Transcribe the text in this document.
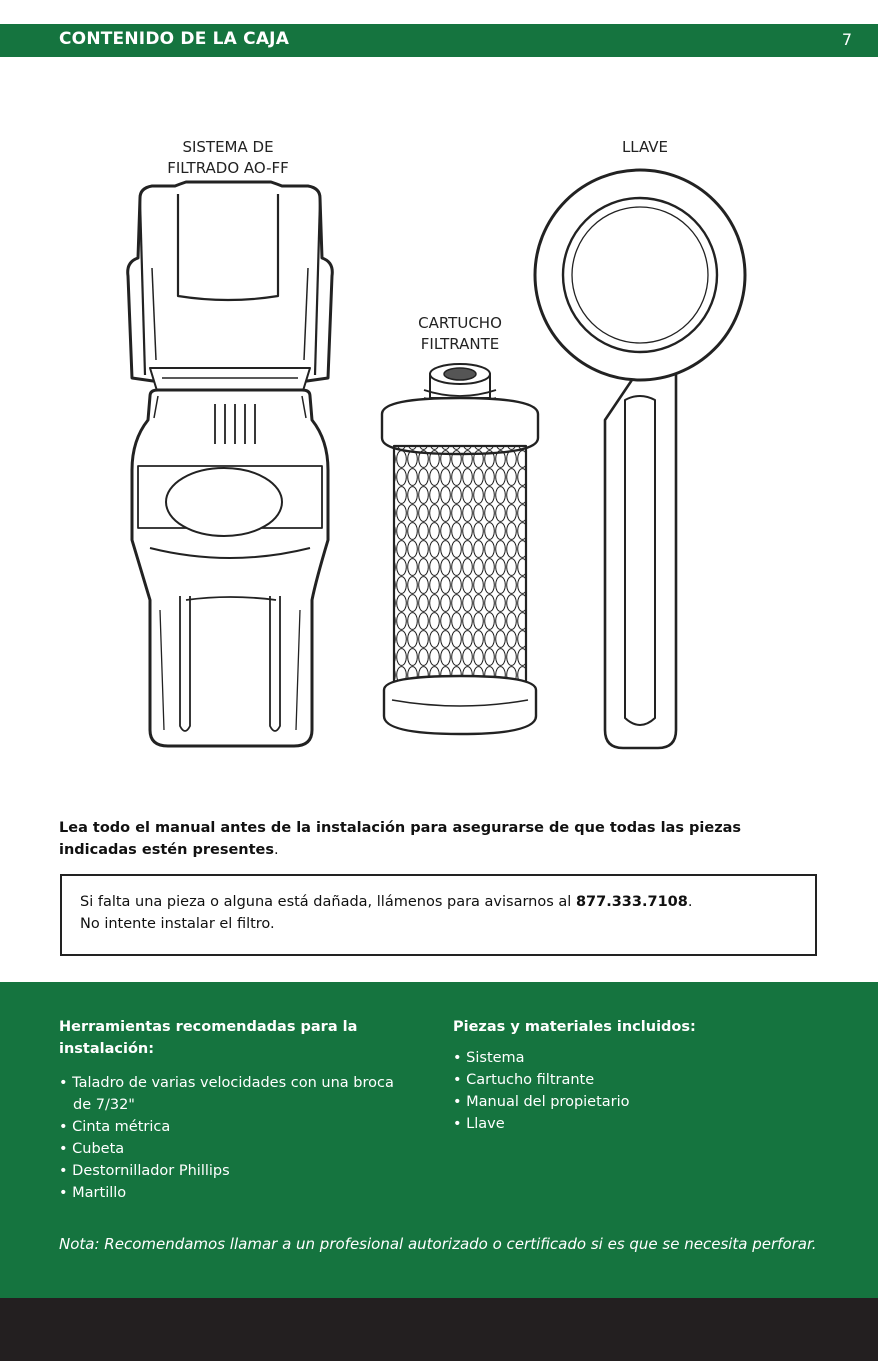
CONTENIDO DE LA CAJA	7
SISTEMA DE
FILTRADO AO-FF
CARTUCHO
FILTRANTE
LLAVE
Lea todo el manual antes de la instalación para asegurarse de que todas las piezas indicadas estén presentes.
Si falta una pieza o alguna está dañada, llámenos para avisarnos al 877.333.7108.
No intente instalar el filtro.
Herramientas recomendadas para la instalación:
• Taladro de varias velocidades con una broca de 7/32"
• Cinta métrica
• Cubeta
• Destornillador Phillips
• Martillo
Piezas y materiales incluidos:
• Sistema
• Cartucho filtrante
• Manual del propietario
• Llave
Nota: Recomendamos llamar a un profesional autorizado o certificado si es que se necesita perforar.
